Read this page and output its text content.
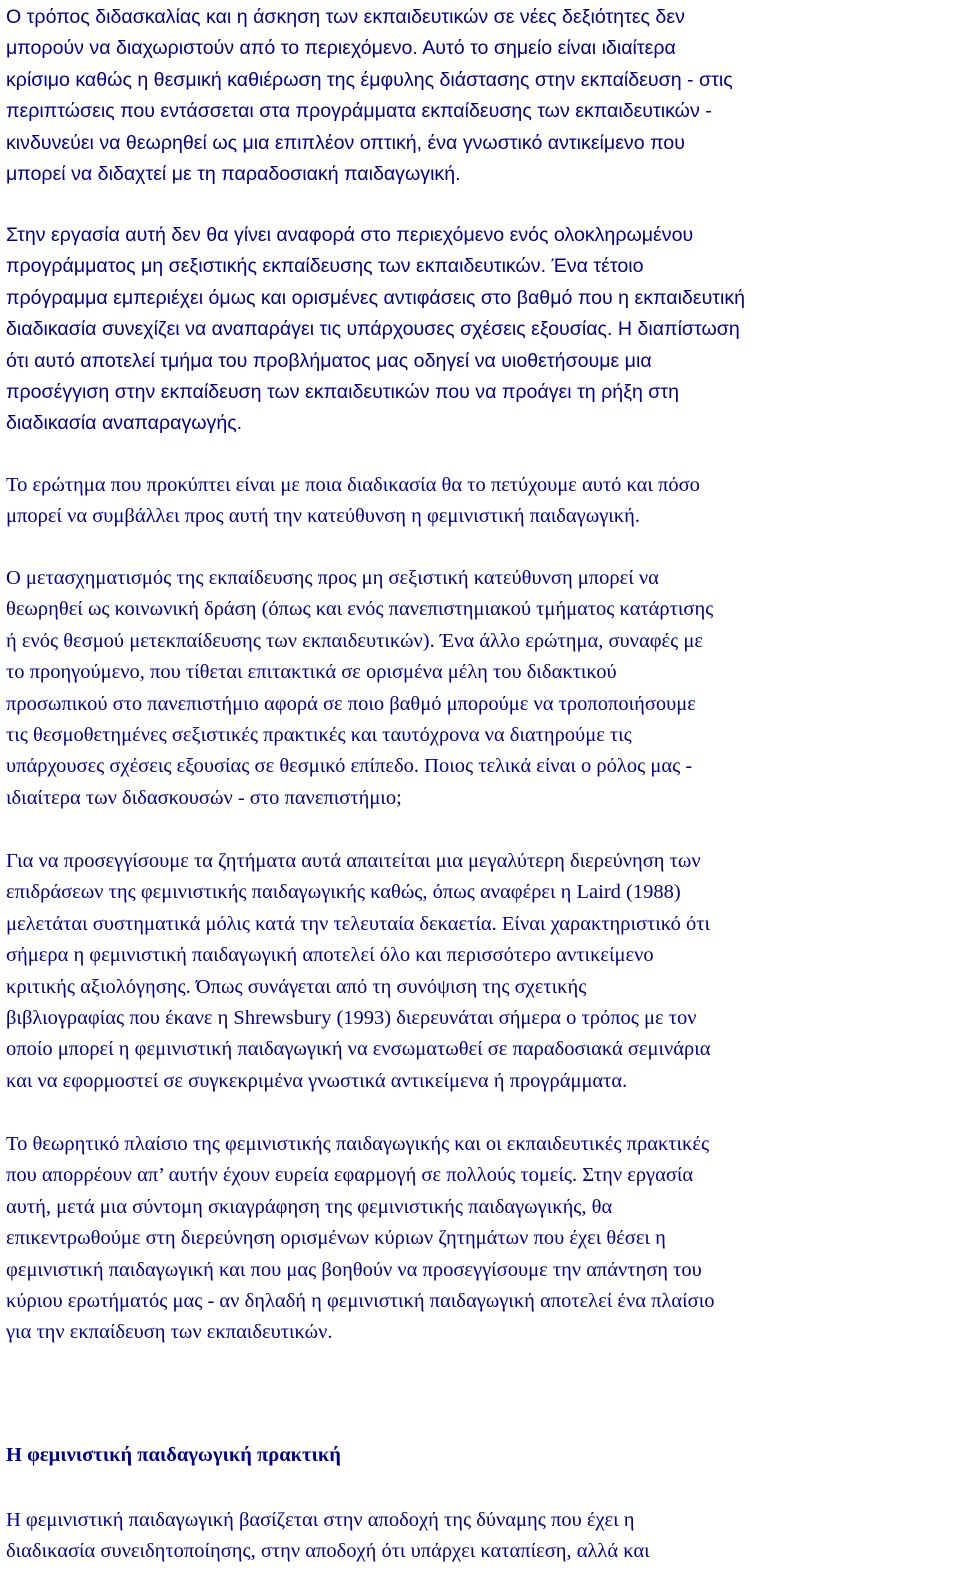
Ο τρόπος διδασκαλίας και η άσκηση των εκπαιδευτικών σε νέες δεξιότητες δεν
μπορούν να διαχωριστούν από το περιεχόμενο. Αυτό το σημείο είναι ιδιαίτερα
κρίσιμο καθώς η θεσμική καθιέρωση της έμφυλης διάστασης στην εκπαίδευση - στις
περιπτώσεις που εντάσσεται στα προγράμματα εκπαίδευσης των εκπαιδευτικών -
κινδυνεύει να θεωρηθεί ως μια επιπλέον οπτική, ένα γνωστικό αντικείμενο που
μπορεί να διδαχτεί με τη παραδοσιακή παιδαγωγική.

Στην εργασία αυτή δεν θα γίνει αναφορά στο περιεχόμενο ενός ολοκληρωμένου
προγράμματος μη σεξιστικής εκπαίδευσης των εκπαιδευτικών. Ένα τέτοιο
πρόγραμμα εμπεριέχει όμως και ορισμένες αντιφάσεις στο βαθμό που η εκπαιδευτική
διαδικασία συνεχίζει να αναπαράγει τις υπάρχουσες σχέσεις εξουσίας. Η διαπίστωση
ότι αυτό αποτελεί τμήμα του προβλήματος μας οδηγεί να υιοθετήσουμε μια
προσέγγιση στην εκπαίδευση των εκπαιδευτικών που να προάγει τη ρήξη στη
διαδικασία αναπαραγωγής.

Το ερώτημα που προκύπτει είναι με ποια διαδικασία θα το πετύχουμε αυτό και πόσο
μπορεί να συμβάλλει προς αυτή την κατεύθυνση η φεμινιστική παιδαγωγική.

Ο μετασχηματισμός της εκπαίδευσης προς μη σεξιστική κατεύθυνση μπορεί να
θεωρηθεί ως κοινωνική δράση (όπως και ενός πανεπιστημιακού τμήματος κατάρτισης
ή ενός θεσμού μετεκπαίδευσης των εκπαιδευτικών). Ένα άλλο ερώτημα, συναφές με
το προηγούμενο, που τίθεται επιτακτικά σε ορισμένα μέλη του διδακτικού
προσωπικού στο πανεπιστήμιο αφορά σε ποιο βαθμό μπορούμε να τροποποιήσουμε
τις θεσμοθετημένες σεξιστικές πρακτικές και ταυτόχρονα να διατηρούμε τις
υπάρχουσες σχέσεις εξουσίας σε θεσμικό επίπεδο. Ποιος τελικά είναι ο ρόλος μας -
ιδιαίτερα των διδασκουσών - στο πανεπιστήμιο;

Για να προσεγγίσουμε τα ζητήματα αυτά απαιτείται μια μεγαλύτερη διερεύνηση των
επιδράσεων της φεμινιστικής παιδαγωγικής καθώς, όπως αναφέρει η Laird (1988)
μελετάται συστηματικά μόλις κατά την τελευταία δεκαετία. Είναι χαρακτηριστικό ότι
σήμερα η φεμινιστική παιδαγωγική αποτελεί όλο και περισσότερο αντικείμενο
κριτικής αξιολόγησης. Όπως συνάγεται από τη συνόψιση της σχετικής
βιβλιογραφίας που έκανε η Shrewsbury (1993) διερευνάται σήμερα ο τρόπος με τον
οποίο μπορεί η φεμινιστική παιδαγωγική να ενσωματωθεί σε παραδοσιακά σεμινάρια
και να εφορμοστεί σε συγκεκριμένα γνωστικά αντικείμενα ή προγράμματα.

Το θεωρητικό πλαίσιο της φεμινιστικής παιδαγωγικής και οι εκπαιδευτικές πρακτικές
που απορρέουν απ’ αυτήν έχουν ευρεία εφαρμογή σε πολλούς τομείς. Στην εργασία
αυτή, μετά μια σύντομη σκιαγράφηση της φεμινιστικής παιδαγωγικής, θα
επικεντρωθούμε στη διερεύνηση ορισμένων κύριων ζητημάτων που έχει θέσει η
φεμινιστική παιδαγωγική και που μας βοηθούν να προσεγγίσουμε την απάντηση του
κύριου ερωτήματός μας - αν δηλαδή η φεμινιστική παιδαγωγική αποτελεί ένα πλαίσιο
για την εκπαίδευση των εκπαιδευτικών.

Η φεμινιστική παιδαγωγική πρακτική

Η φεμινιστική παιδαγωγική βασίζεται στην αποδοχή της δύναμης που έχει η
διαδικασία συνειδητοποίησης, στην αποδοχή ότι υπάρχει καταπίεση, αλλά και
